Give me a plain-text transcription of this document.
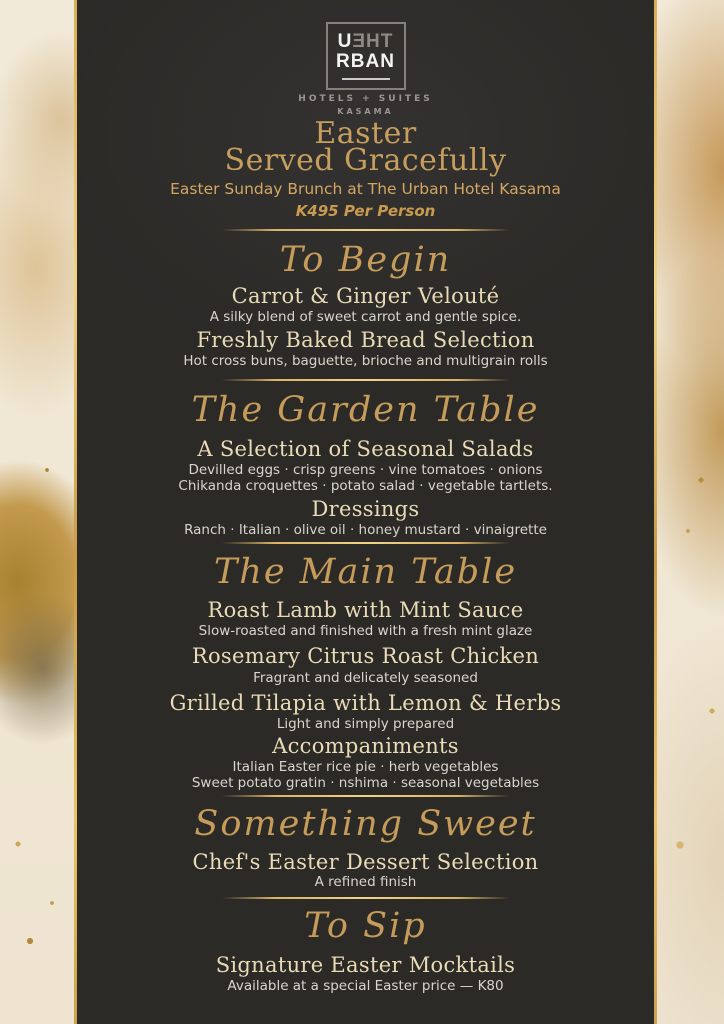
UƎHT
RBAN
HOTELS + SUITES
KASAMA
Easter
Served Gracefully
Easter Sunday Brunch at The Urban Hotel Kasama
K495 Per Person
To Begin
Carrot & Ginger Velouté
A silky blend of sweet carrot and gentle spice.
Freshly Baked Bread Selection
Hot cross buns, baguette, brioche and multigrain rolls
The Garden Table
A Selection of Seasonal Salads
Devilled eggs · crisp greens · vine tomatoes · onions
Chikanda croquettes · potato salad · vegetable tartlets.
Dressings
Ranch · Italian · olive oil · honey mustard · vinaigrette
The Main Table
Roast Lamb with Mint Sauce
Slow-roasted and finished with a fresh mint glaze
Rosemary Citrus Roast Chicken
Fragrant and delicately seasoned
Grilled Tilapia with Lemon & Herbs
Light and simply prepared
Accompaniments
Italian Easter rice pie · herb vegetables
Sweet potato gratin · nshima · seasonal vegetables
Something Sweet
Chef's Easter Dessert Selection
A refined finish
To Sip
Signature Easter Mocktails
Available at a special Easter price — K80
